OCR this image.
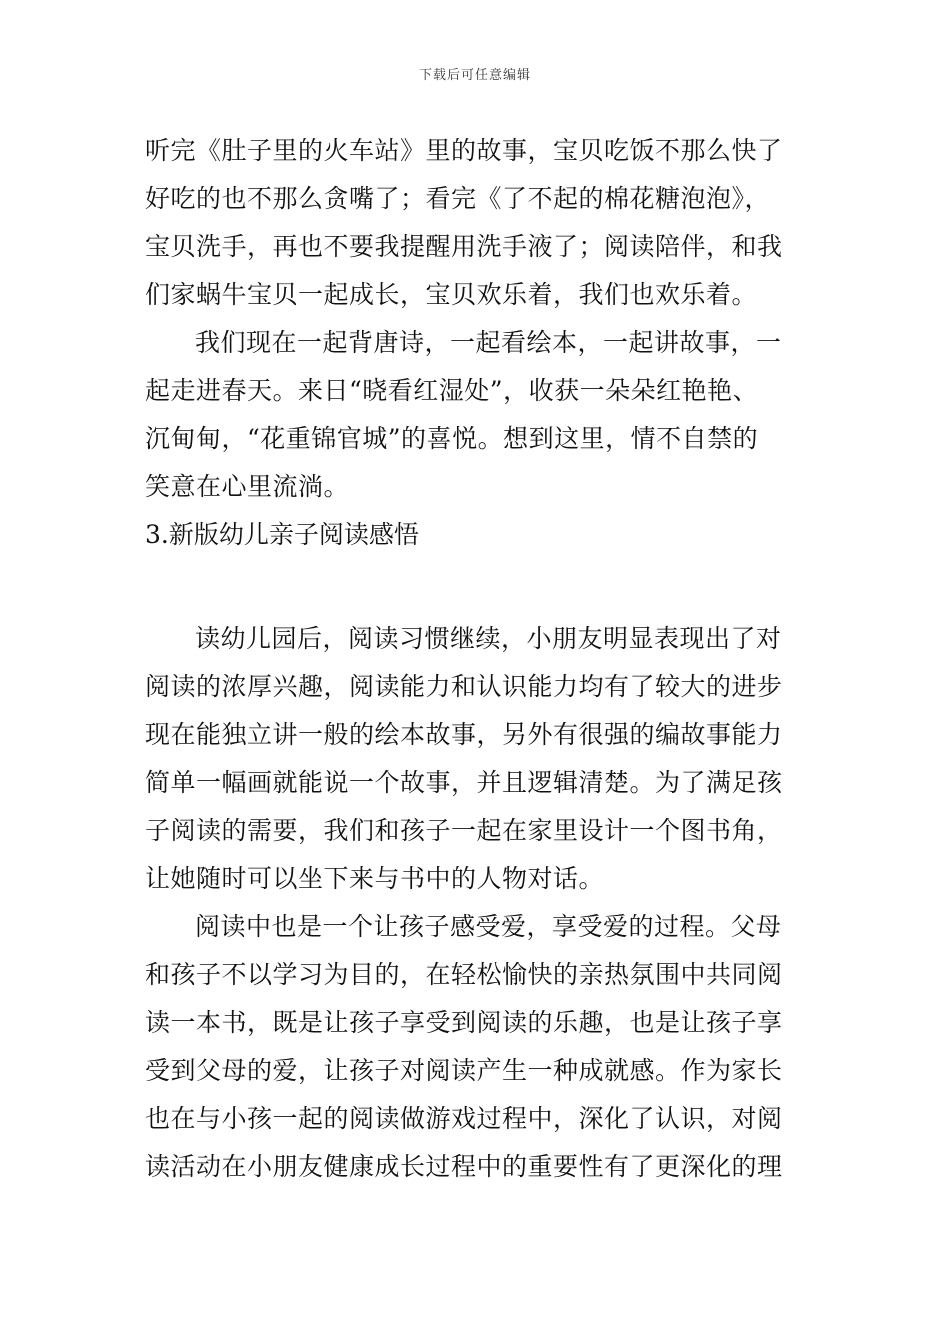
下载后可任意编辑
听完《肚子里的火车站》里的故事，宝贝吃饭不那么快了
好吃的也不那么贪嘴了；看完《了不起的棉花糖泡泡》，
宝贝洗手，再也不要我提醒用洗手液了；阅读陪伴，和我
们家蜗牛宝贝一起成长，宝贝欢乐着，我们也欢乐着。
我们现在一起背唐诗，一起看绘本，一起讲故事，一
起走进春天。来日“晓看红湿处”，收获一朵朵红艳艳、
沉甸甸，“花重锦官城”的喜悦。想到这里，情不自禁的
笑意在心里流淌。
3.新版幼儿亲子阅读感悟
读幼儿园后，阅读习惯继续，小朋友明显表现出了对
阅读的浓厚兴趣，阅读能力和认识能力均有了较大的进步
现在能独立讲一般的绘本故事，另外有很强的编故事能力
简单一幅画就能说一个故事，并且逻辑清楚。为了满足孩
子阅读的需要，我们和孩子一起在家里设计一个图书角，
让她随时可以坐下来与书中的人物对话。
阅读中也是一个让孩子感受爱，享受爱的过程。父母
和孩子不以学习为目的，在轻松愉快的亲热氛围中共同阅
读一本书，既是让孩子享受到阅读的乐趣，也是让孩子享
受到父母的爱，让孩子对阅读产生一种成就感。作为家长
也在与小孩一起的阅读做游戏过程中，深化了认识，对阅
读活动在小朋友健康成长过程中的重要性有了更深化的理
